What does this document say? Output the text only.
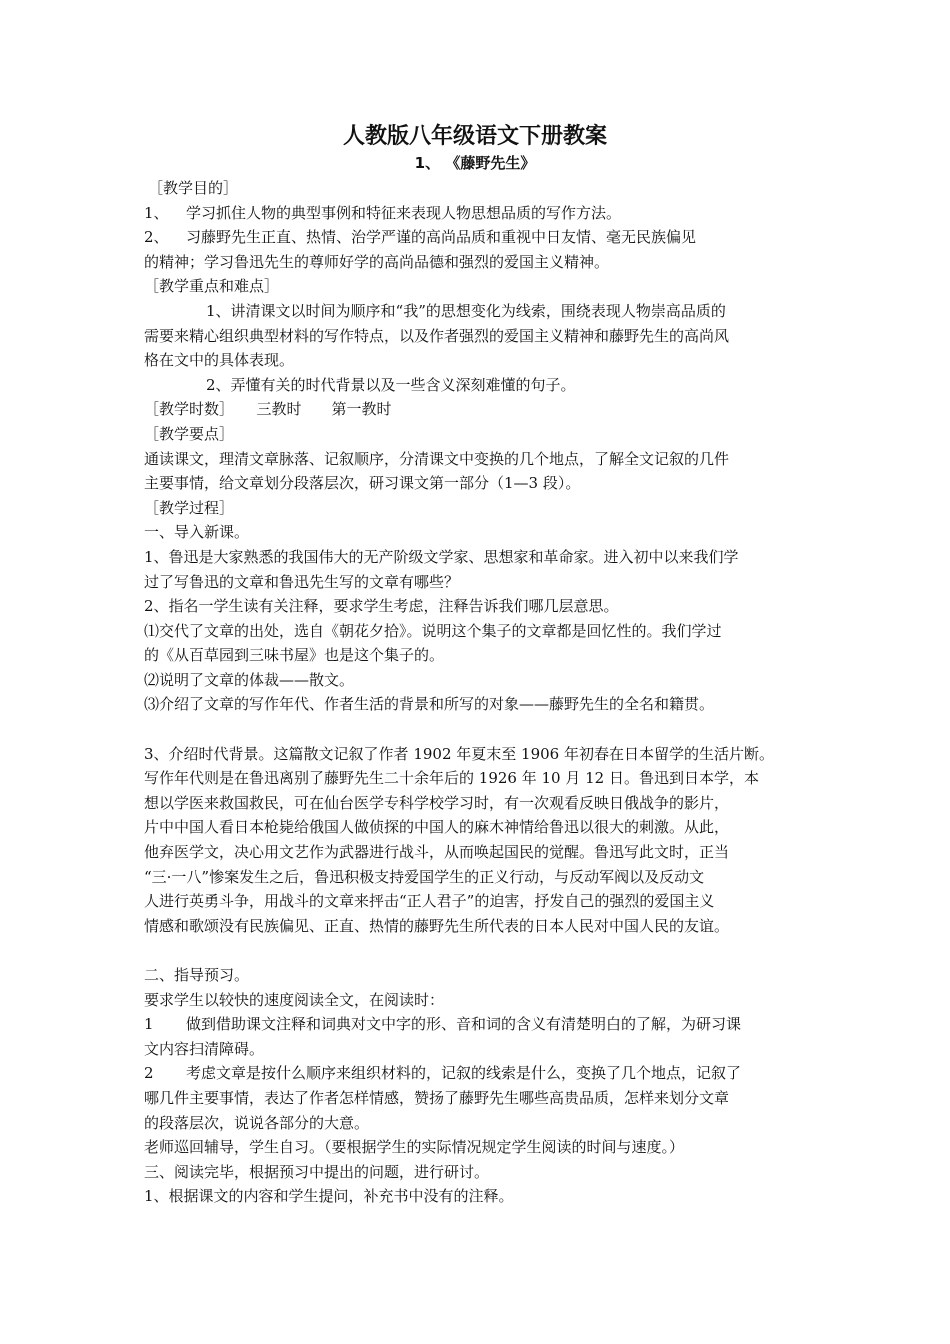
人教版八年级语文下册教案
1、 《藤野先生》
［教学目的］
1、 学习抓住人物的典型事例和特征来表现人物思想品质的写作方法。
2、 习藤野先生正直、热情、治学严谨的高尚品质和重视中日友情、毫无民族偏见
的精神；学习鲁迅先生的尊师好学的高尚品德和强烈的爱国主义精神。
［教学重点和难点］
1、讲清课文以时间为顺序和“我”的思想变化为线索，围绕表现人物崇高品质的
需要来精心组织典型材料的写作特点，以及作者强烈的爱国主义精神和藤野先生的高尚风
格在文中的具体表现。
2、弄懂有关的时代背景以及一些含义深刻难懂的句子。
［教学时数］　　三教时　　第一教时
［教学要点］
通读课文，理清文章脉落、记叙顺序，分清课文中变换的几个地点，了解全文记叙的几件
主要事情，给文章划分段落层次，研习课文第一部分（1—3 段）。
［教学过程］
一、导入新课。
1、鲁迅是大家熟悉的我国伟大的无产阶级文学家、思想家和革命家。进入初中以来我们学
过了写鲁迅的文章和鲁迅先生写的文章有哪些？
2、指名一学生读有关注释，要求学生考虑，注释告诉我们哪几层意思。
⑴交代了文章的出处，选自《朝花夕拾》。说明这个集子的文章都是回忆性的。我们学过
的《从百草园到三味书屋》也是这个集子的。
⑵说明了文章的体裁——散文。
⑶介绍了文章的写作年代、作者生活的背景和所写的对象——藤野先生的全名和籍贯。
3、介绍时代背景。这篇散文记叙了作者 1902 年夏末至 1906 年初春在日本留学的生活片断。
写作年代则是在鲁迅离别了藤野先生二十余年后的 1926 年 10 月 12 日。鲁迅到日本学，本
想以学医来救国救民，可在仙台医学专科学校学习时，有一次观看反映日俄战争的影片，
片中中国人看日本枪毙给俄国人做侦探的中国人的麻木神情给鲁迅以很大的刺激。从此，
他弃医学文，决心用文艺作为武器进行战斗，从而唤起国民的觉醒。鲁迅写此文时，正当
“三·一八”惨案发生之后，鲁迅积极支持爱国学生的正义行动，与反动军阀以及反动文
人进行英勇斗争，用战斗的文章来抨击“正人君子”的迫害，抒发自己的强烈的爱国主义
情感和歌颂没有民族偏见、正直、热情的藤野先生所代表的日本人民对中国人民的友谊。
二、指导预习。
要求学生以较快的速度阅读全文，在阅读时：
1 做到借助课文注释和词典对文中字的形、音和词的含义有清楚明白的了解，为研习课
文内容扫清障碍。
2 考虑文章是按什么顺序来组织材料的，记叙的线索是什么，变换了几个地点，记叙了
哪几件主要事情，表达了作者怎样情感，赞扬了藤野先生哪些高贵品质，怎样来划分文章
的段落层次，说说各部分的大意。
老师巡回辅导，学生自习。（要根据学生的实际情况规定学生阅读的时间与速度。）
三、阅读完毕，根据预习中提出的问题，进行研讨。
1、根据课文的内容和学生提问，补充书中没有的注释。
